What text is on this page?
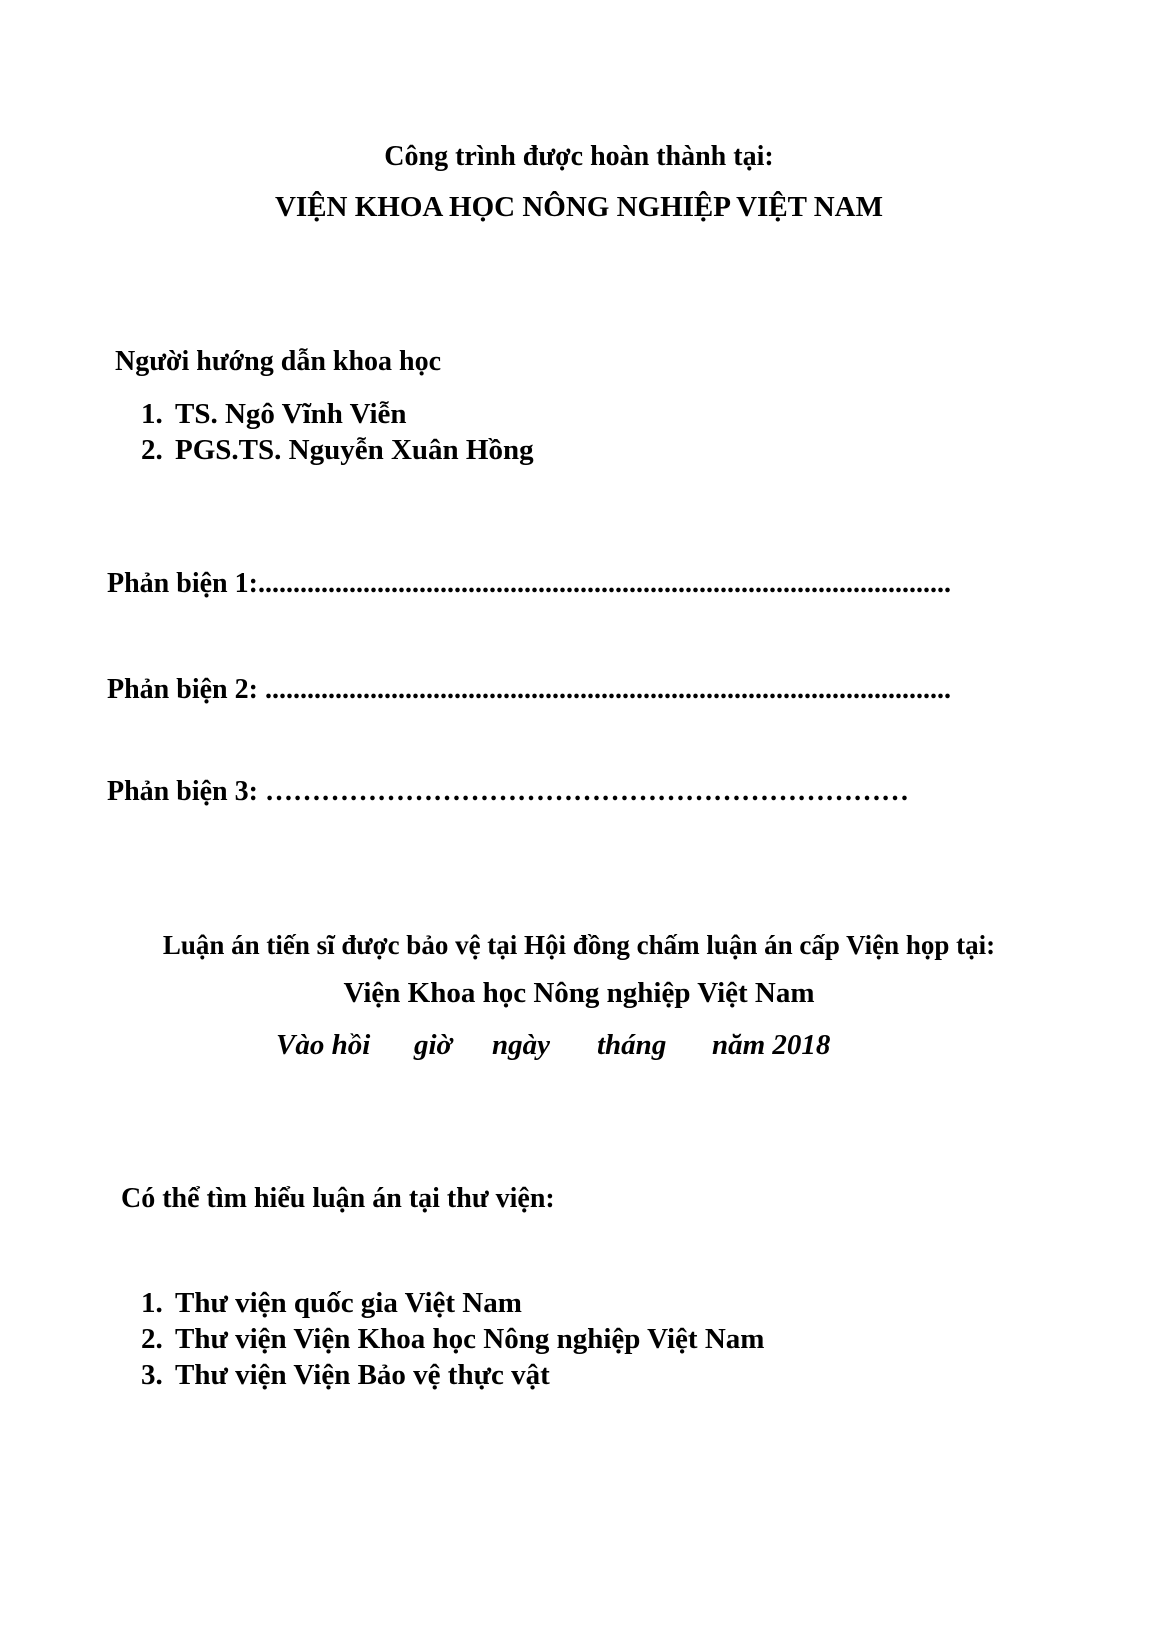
Công trình được hoàn thành tại:
VIỆN KHOA HỌC NÔNG NGHIỆP VIỆT NAM
Người hướng dẫn khoa học
1. TS. Ngô Vĩnh Viễn
2. PGS.TS. Nguyễn Xuân Hồng
Phản biện 1:...................................................................................................
Phản biện 2: ..................................................................................................
Phản biện 3: ……………………………………………………………
Luận án tiến sĩ được bảo vệ tại Hội đồng chấm luận án cấp Viện họp tại:
Viện Khoa học Nông nghiệp Việt Nam
Vào hồi giờ ngày tháng năm 2018
Có thể tìm hiểu luận án tại thư viện:
1. Thư viện quốc gia Việt Nam
2. Thư viện Viện Khoa học Nông nghiệp Việt Nam
3. Thư viện Viện Bảo vệ thực vật
